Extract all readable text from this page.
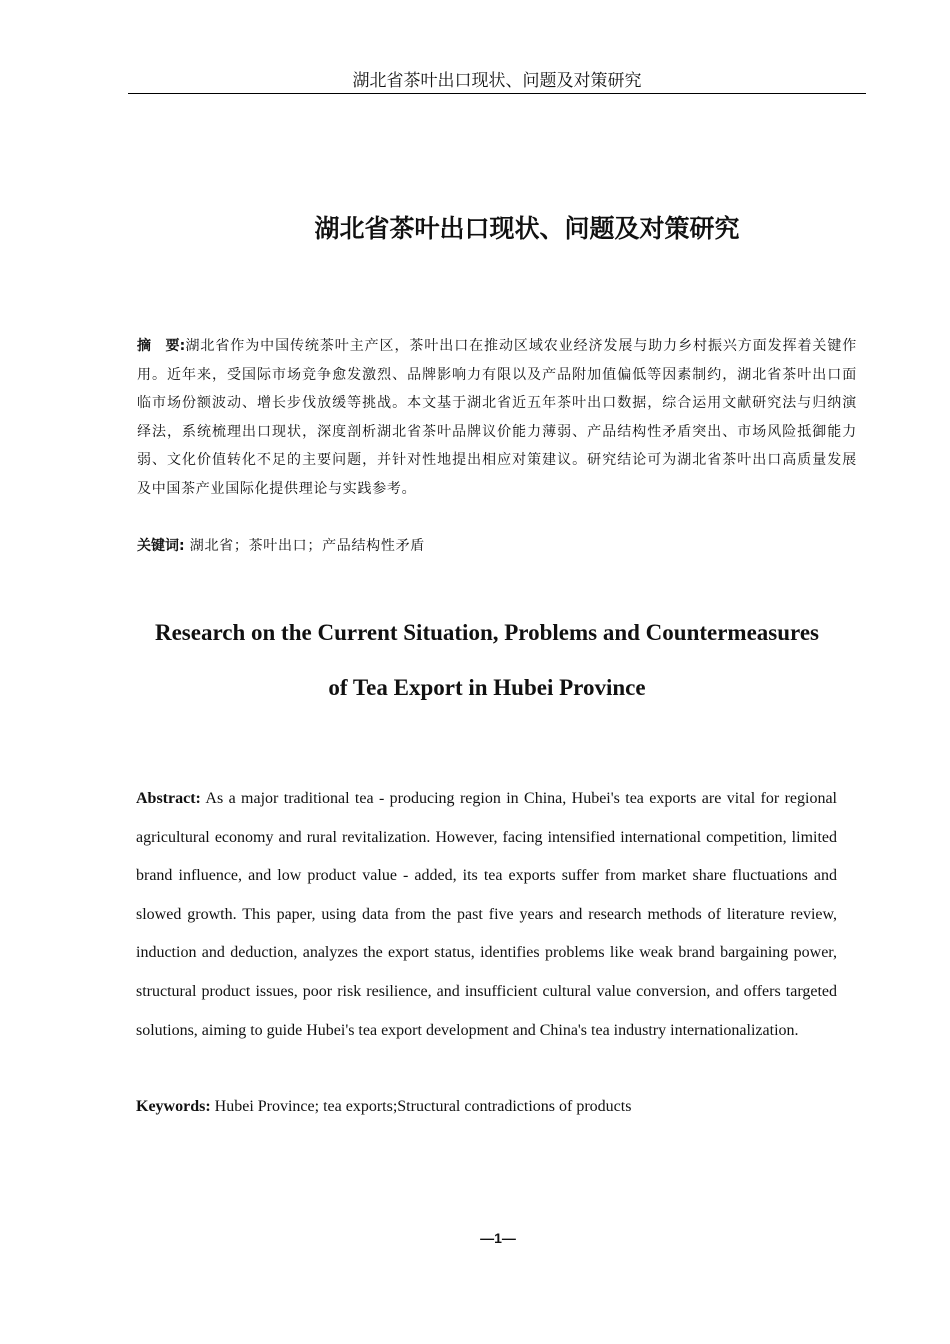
湖北省茶叶出口现状、问题及对策研究
湖北省茶叶出口现状、问题及对策研究
摘　要:湖北省作为中国传统茶叶主产区，茶叶出口在推动区域农业经济发展与助力乡村振兴方面发挥着关键作用。近年来，受国际市场竞争愈发激烈、品牌影响力有限以及产品附加值偏低等因素制约，湖北省茶叶出口面临市场份额波动、增长步伐放缓等挑战。本文基于湖北省近五年茶叶出口数据，综合运用文献研究法与归纳演绎法，系统梳理出口现状，深度剖析湖北省茶叶品牌议价能力薄弱、产品结构性矛盾突出、市场风险抵御能力弱、文化价值转化不足的主要问题，并针对性地提出相应对策建议。研究结论可为湖北省茶叶出口高质量发展及中国茶产业国际化提供理论与实践参考。
关键词: 湖北省；茶叶出口；产品结构性矛盾
Research on the Current Situation, Problems and Countermeasures
of Tea Export in Hubei Province
Abstract: As a major traditional tea - producing region in China, Hubei's tea exports are vital for regional agricultural economy and rural revitalization. However, facing intensified international competition, limited brand influence, and low product value - added, its tea exports suffer from market share fluctuations and slowed growth. This paper, using data from the past five years and research methods of literature review, induction and deduction, analyzes the export status, identifies problems like weak brand bargaining power, structural product issues, poor risk resilience, and insufficient cultural value conversion, and offers targeted solutions, aiming to guide Hubei's tea export development and China's tea industry internationalization.
Keywords: Hubei Province; tea exports;Structural contradictions of products
—1—
